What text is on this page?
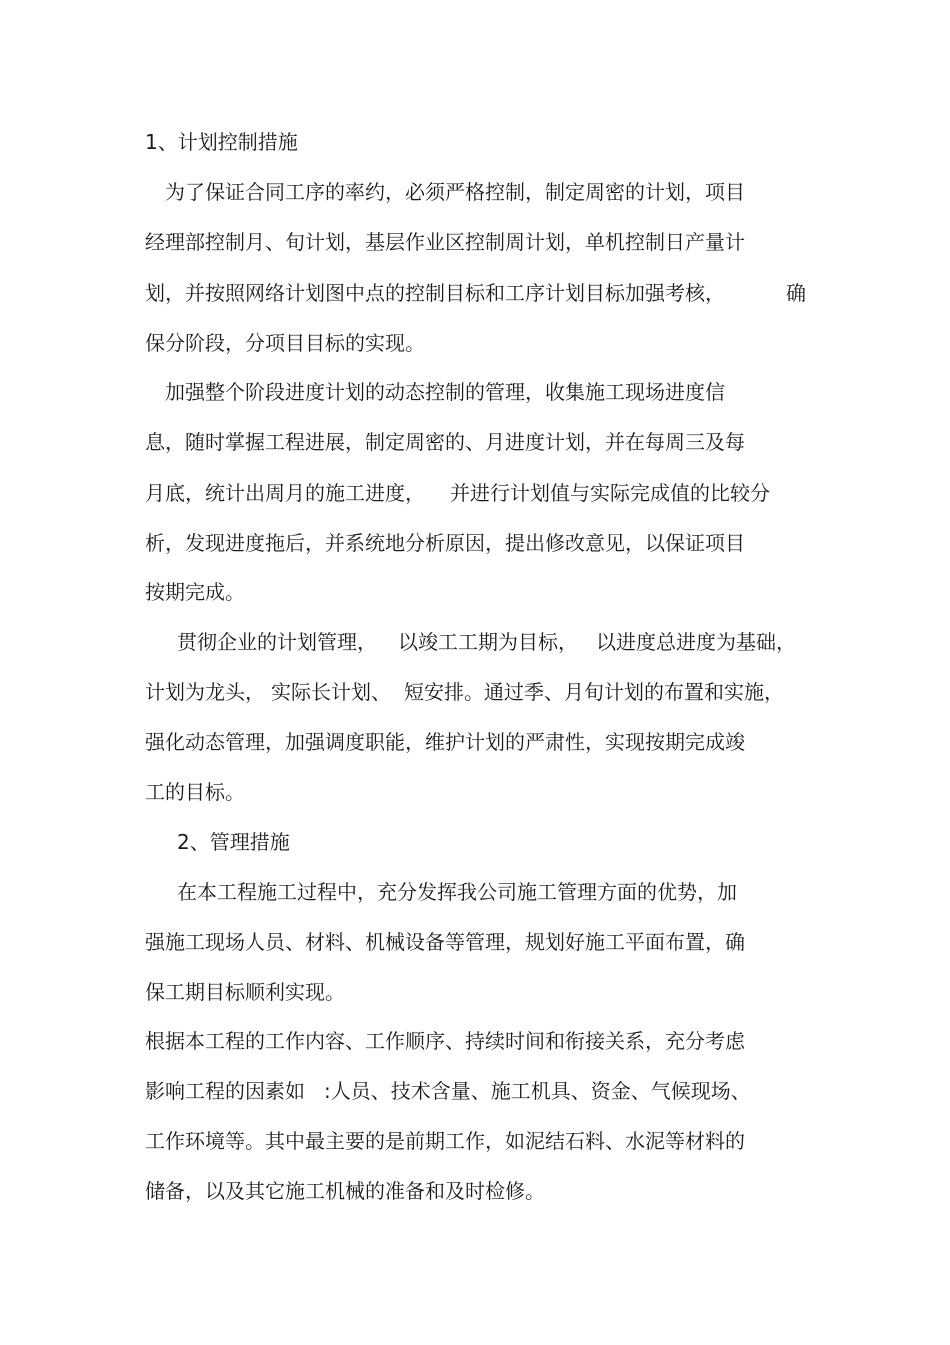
1、计划控制措施
为了保证合同工序的率约，必须严格控制，制定周密的计划，项目
经理部控制月、旬计划，基层作业区控制周计划，单机控制日产量计
划，并按照网络计划图中点的控制目标和工序计划目标加强考核，	确
保分阶段，分项目目标的实现。
加强整个阶段进度计划的动态控制的管理，收集施工现场进度信
息，随时掌握工程进展，制定周密的、月进度计划，并在每周三及每
月底，统计出周月的施工进度， 并进行计划值与实际完成值的比较分
析，发现进度拖后，并系统地分析原因，提出修改意见，以保证项目
按期完成。
贯彻企业的计划管理， 以竣工工期为目标， 以进度总进度为基础，
计划为龙头， 实际长计划、 短安排。通过季、月旬计划的布置和实施，
强化动态管理，加强调度职能，维护计划的严肃性，实现按期完成竣
工的目标。
2、管理措施
在本工程施工过程中，充分发挥我公司施工管理方面的优势，加
强施工现场人员、材料、机械设备等管理，规划好施工平面布置，确
保工期目标顺利实现。
根据本工程的工作内容、工作顺序、持续时间和衔接关系，充分考虑
影响工程的因素如 :人员、技术含量、施工机具、资金、气候现场、
工作环境等。其中最主要的是前期工作，如泥结石料、水泥等材料的
储备，以及其它施工机械的准备和及时检修。
